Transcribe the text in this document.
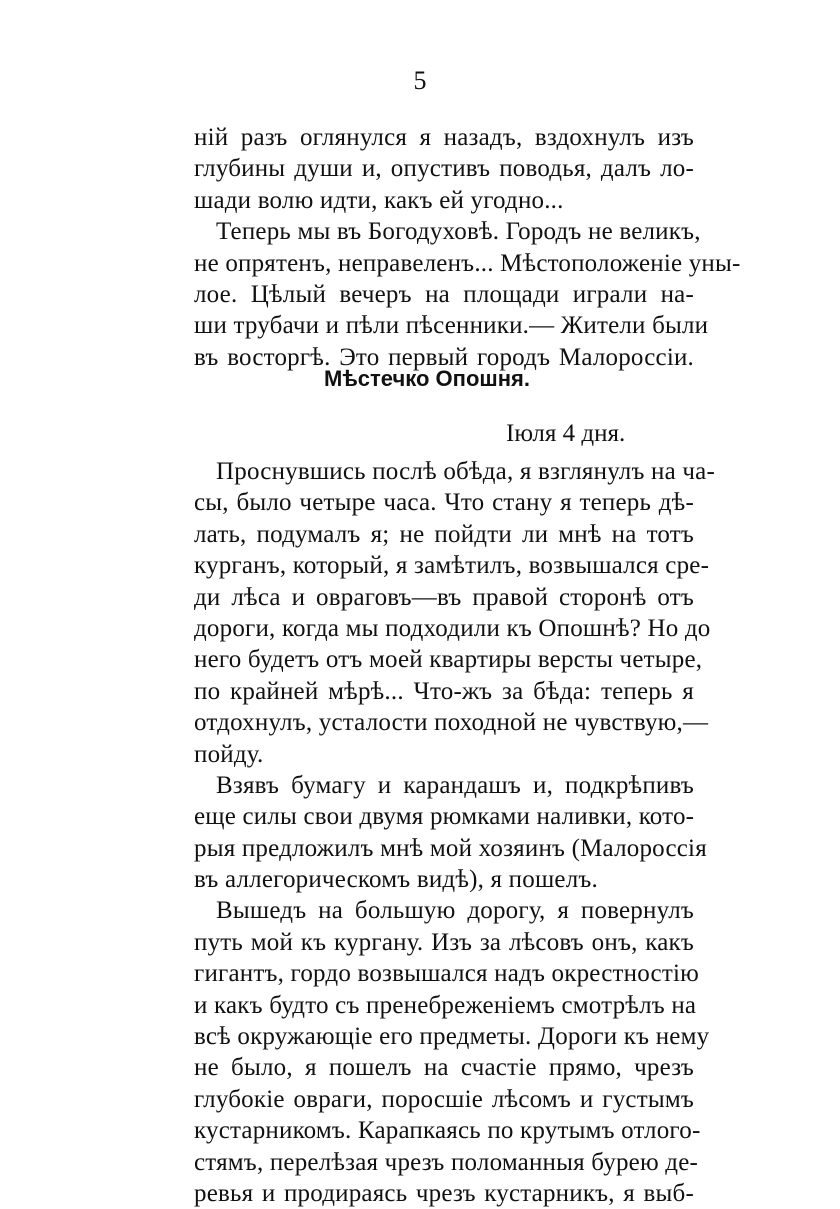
5
ній разъ оглянулся я назадъ, вздохнулъ изъ
глубины души и, опустивъ поводья, далъ ло-
шади волю идти, какъ ей угодно...
Теперь мы въ Богодуховѣ. Городъ не великъ,
не опрятенъ, неправеленъ... Мѣстоположеніе уны-
лое. Цѣлый вечеръ на площади играли на-
ши трубачи и пѣли пѣсенники.— Жители были
въ восторгѣ. Это первый городъ Малороссіи.
Мѣстечко Опошня.
Іюля 4 дня.
Проснувшись послѣ обѣда, я взглянулъ на ча-
сы, было четыре часа. Что стану я теперь дѣ-
лать, подумалъ я; не пойдти ли мнѣ на тотъ
курганъ, который, я замѣтилъ, возвышался сре-
ди лѣса и овраговъ—въ правой сторонѣ отъ
дороги, когда мы подходили къ Опошнѣ? Но до
него будетъ отъ моей квартиры версты четыре,
по крайней мѣрѣ... Что-жъ за бѣда: теперь я
отдохнулъ, усталости походной не чувствую,—
пойду.
Взявъ бумагу и карандашъ и, подкрѣпивъ
еще силы свои двумя рюмками наливки, кото-
рыя предложилъ мнѣ мой хозяинъ (Малороссія
въ аллегорическомъ видѣ), я пошелъ.
Вышедъ на большую дорогу, я повернулъ
путь мой къ кургану. Изъ за лѣсовъ онъ, какъ
гигантъ, гордо возвышался надъ окрестностію
и какъ будто съ пренебреженіемъ смотрѣлъ на
всѣ окружающіе его предметы. Дороги къ нему
не было, я пошелъ на счастіе прямо, чрезъ
глубокіе овраги, поросшіе лѣсомъ и густымъ
кустарникомъ. Карапкаясь по крутымъ отлого-
стямъ, перелѣзая чрезъ поломанныя бурею де-
ревья и продираясь чрезъ кустарникъ, я выб-
